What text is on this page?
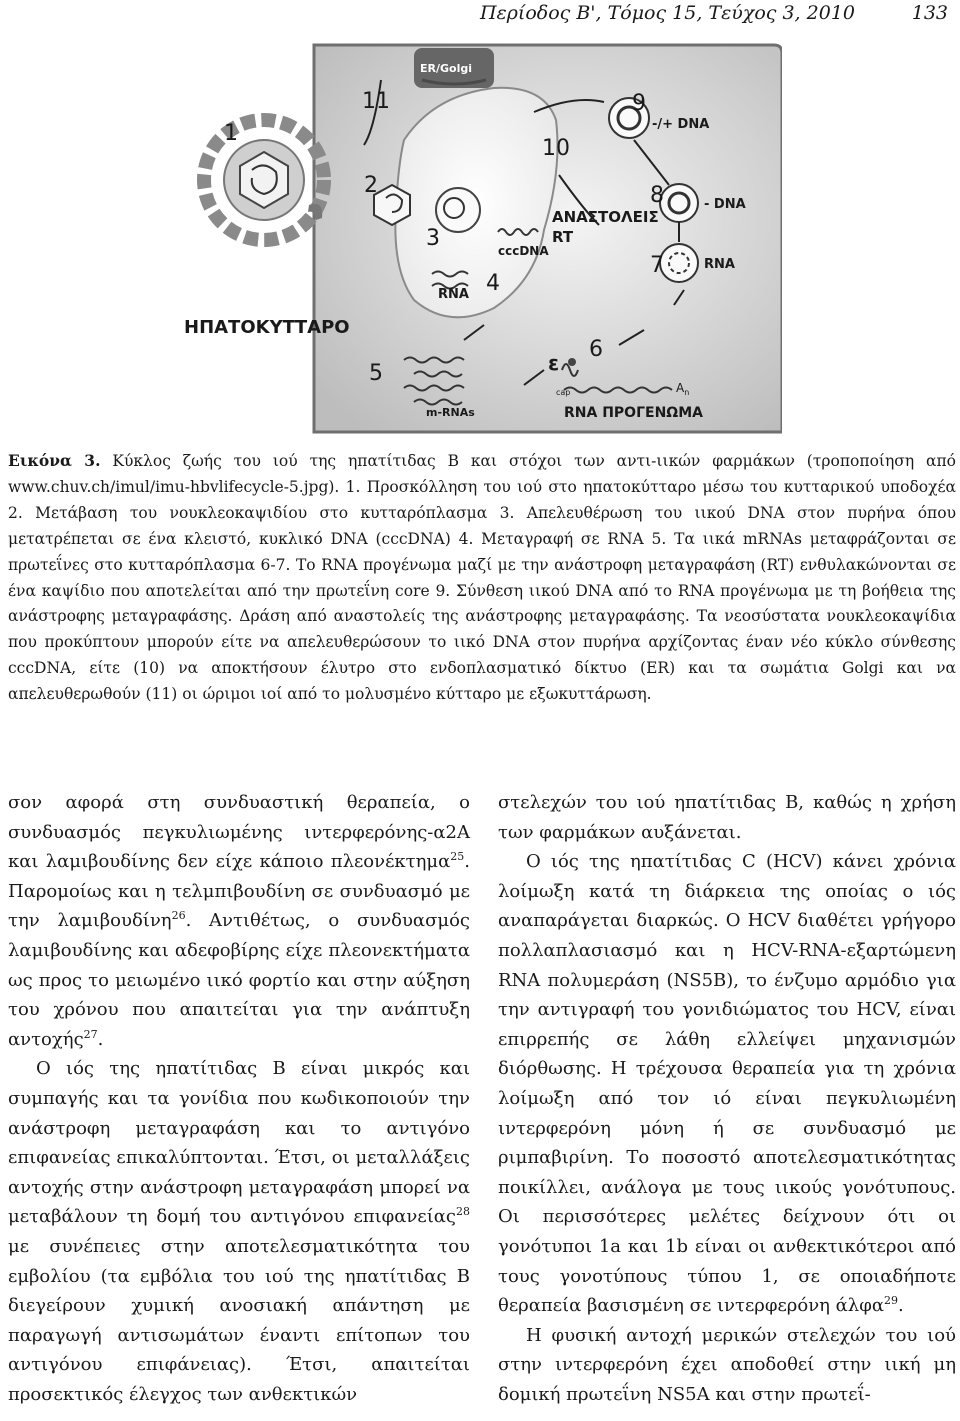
Περίοδος Β', Τόμος 15, Τεύχος 3, 2010	133
1
2
3
4
5
6
7
8
9
10
11
ER/Golgi
cccDNA
RNA
ΗΠΑΤΟΚΥΤΤΑΡΟ
ΑΝΑΣΤΟΛΕΙΣ
RT
-/+ DNA
- DNA
RNA
m-RNAs
ε
cap	$A_n$
RNA ΠΡΟΓΕΝΩΜΑ
Εικόνα 3. Κύκλος ζωής του ιού της ηπατίτιδας Β και στόχοι των αντι-ιικών φαρμάκων (τροποποίηση από www.chuv.ch/imul/imu-hbvlifecycle-5.jpg). 1. Προσκόλληση του ιού στο ηπατοκύτταρο μέσω του κυτταρικού υποδοχέα 2. Μετάβαση του νουκλεοκαψιδίου στο κυτταρόπλασμα 3. Απελευθέρωση του ιικού DNA στον πυρήνα όπου μετατρέπεται σε ένα κλειστό, κυκλικό DNA (cccDNA) 4. Μεταγραφή σε RNA 5. Τα ιικά mRNAs μεταφράζονται σε πρωτεΐνες στο κυτταρόπλασμα 6-7. Το RNA προγένωμα μαζί με την ανάστροφη μεταγραφάση (RT) ενθυλακώνονται σε ένα καψίδιο που αποτελείται από την πρωτεΐνη core 9. Σύνθεση ιικού DNA από το RNA προγένωμα με τη βοήθεια της ανάστροφης μεταγραφάσης. Δράση από αναστολείς της ανάστροφης μεταγραφάσης. Τα νεοσύστατα νουκλεοκαψίδια που προκύπτουν μπορούν είτε να απελευθερώσουν το ιικό DNA στον πυρήνα αρχίζοντας έναν νέο κύκλο σύνθεσης cccDNA, είτε (10) να αποκτήσουν έλυτρο στο ενδοπλασματικό δίκτυο (ER) και τα σωμάτια Golgi και να απελευθερωθούν (11) οι ώριμοι ιοί από το μολυσμένο κύτταρο με εξωκυττάρωση.

σον αφορά στη συνδυαστική θεραπεία, ο συνδυασμός πεγκυλιωμένης ιντερφερόνης-α2Α και λαμιβουδίνης δεν είχε κάποιο πλεονέκτημα$^{25}$. Παρομοίως και η τελμπιβουδίνη σε συνδυασμό με την λαμιβουδίνη$^{26}$. Αντιθέτως, ο συνδυασμός λαμιβουδίνης και αδεφοβίρης είχε πλεονεκτήματα ως προς το μειωμένο ιικό φορτίο και στην αύξηση του χρόνου που απαιτείται για την ανάπτυξη αντοχής$^{27}$.

Ο ιός της ηπατίτιδας Β είναι μικρός και συμπαγής και τα γονίδια που κωδικοποιούν την ανάστροφη μεταγραφάση και το αντιγόνο επιφανείας επικαλύπτονται. Έτσι, οι μεταλλάξεις αντοχής στην ανάστροφη μεταγραφάση μπορεί να μεταβάλουν τη δομή του αντιγόνου επιφανείας$^{28}$ με συνέπειες στην αποτελεσματικότητα του εμβολίου (τα εμβόλια του ιού της ηπατίτιδας Β διεγείρουν χυμική ανοσιακή απάντηση με παραγωγή αντισωμάτων έναντι επίτοπων του αντιγόνου επιφάνειας). Έτσι, απαιτείται προσεκτικός έλεγχος των ανθεκτικών

στελεχών του ιού ηπατίτιδας Β, καθώς η χρήση των φαρμάκων αυξάνεται.

Ο ιός της ηπατίτιδας C (HCV) κάνει χρόνια λοίμωξη κατά τη διάρκεια της οποίας ο ιός αναπαράγεται διαρκώς. Ο HCV διαθέτει γρήγορο πολλαπλασιασμό και η HCV-RNA-εξαρτώμενη RNA πολυμεράση (NS5B), το ένζυμο αρμόδιο για την αντιγραφή του γονιδιώματος του HCV, είναι επιρρεπής σε λάθη ελλείψει μηχανισμών διόρθωσης. Η τρέχουσα θεραπεία για τη χρόνια λοίμωξη από τον ιό είναι πεγκυλιωμένη ιντερφερόνη μόνη ή σε συνδυασμό με ριμπαβιρίνη. Το ποσοστό αποτελεσματικότητας ποικίλλει, ανάλογα με τους ιικούς γονότυπους. Οι περισσότερες μελέτες δείχνουν ότι οι γονότυποι 1a και 1b είναι οι ανθεκτικότεροι από τους γονοτύπους τύπου 1, σε οποιαδήποτε θεραπεία βασισμένη σε ιντερφερόνη άλφα$^{29}$.

Η φυσική αντοχή μερικών στελεχών του ιού στην ιντερφερόνη έχει αποδοθεί στην ιική μη δομική πρωτεΐνη NS5A και στην πρωτεΐ-
